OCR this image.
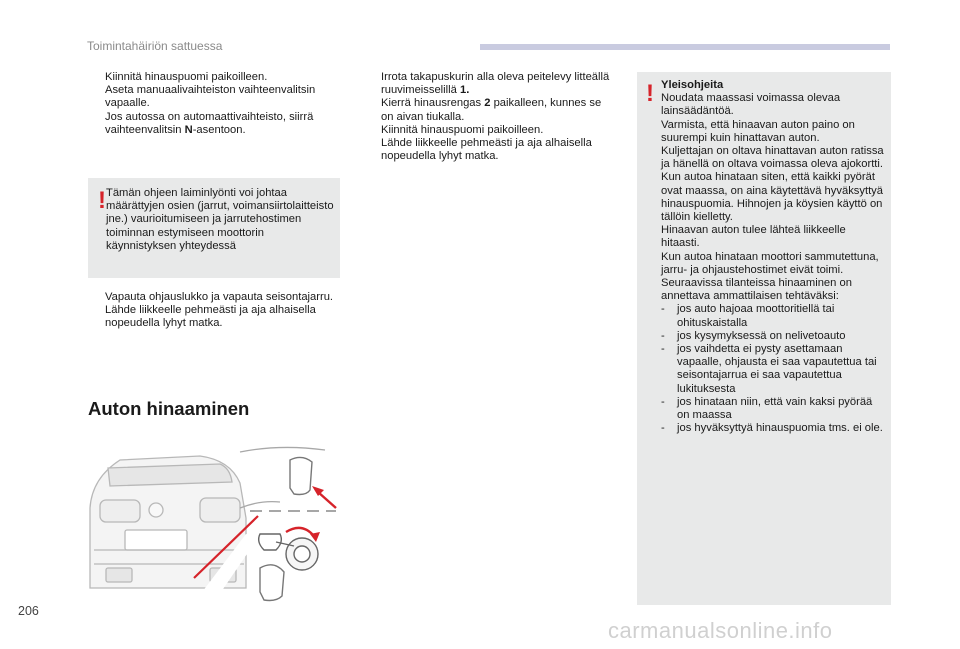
Toimintahäiriön sattuessa
Kiinnitä hinauspuomi paikoilleen.
Aseta manuaalivaihteiston vaihteenvalitsin vapaalle.
Jos autossa on automaattivaihteisto, siirrä vaihteenvalitsin N-asentoon.
! Tämän ohjeen laiminlyönti voi johtaa määrättyjen osien (jarrut, voimansiirtolaitteisto jne.) vaurioitumiseen ja jarrutehostimen toiminnan estymiseen moottorin käynnistyksen yhteydessä
Vapauta ohjauslukko ja vapauta seisontajarru.
Lähde liikkeelle pehmeästi ja aja alhaisella nopeudella lyhyt matka.
Auton hinaaminen
Irrota takapuskurin alla oleva peitelevy litteällä ruuvimeisselillä 1.
Kierrä hinausrengas 2 paikalleen, kunnes se on aivan tiukalla.
Kiinnitä hinauspuomi paikoilleen.
Lähde liikkeelle pehmeästi ja aja alhaisella nopeudella lyhyt matka.
! Yleisohjeita
Noudata maassasi voimassa olevaa lainsäädäntöä.
Varmista, että hinaavan auton paino on suurempi kuin hinattavan auton.
Kuljettajan on oltava hinattavan auton ratissa ja hänellä on oltava voimassa oleva ajokortti.
Kun autoa hinataan siten, että kaikki pyörät ovat maassa, on aina käytettävä hyväksyttyä hinauspuomia. Hihnojen ja köysien käyttö on tällöin kielletty.
Hinaavan auton tulee lähteä liikkeelle hitaasti.
Kun autoa hinataan moottori sammutettuna, jarru- ja ohjaustehostimet eivät toimi.
Seuraavissa tilanteissa hinaaminen on annettava ammattilaisen tehtäväksi:
- jos auto hajoaa moottoritiellä tai ohituskaistalla
- jos kysymyksessä on nelivetoauto
- jos vaihdetta ei pysty asettamaan vapaalle, ohjausta ei saa vapautettua tai seisontajarrua ei saa vapautettua lukituksesta
- jos hinataan niin, että vain kaksi pyörää on maassa
- jos hyväksyttyä hinauspuomia tms. ei ole.
206
carmanualsonline.info
